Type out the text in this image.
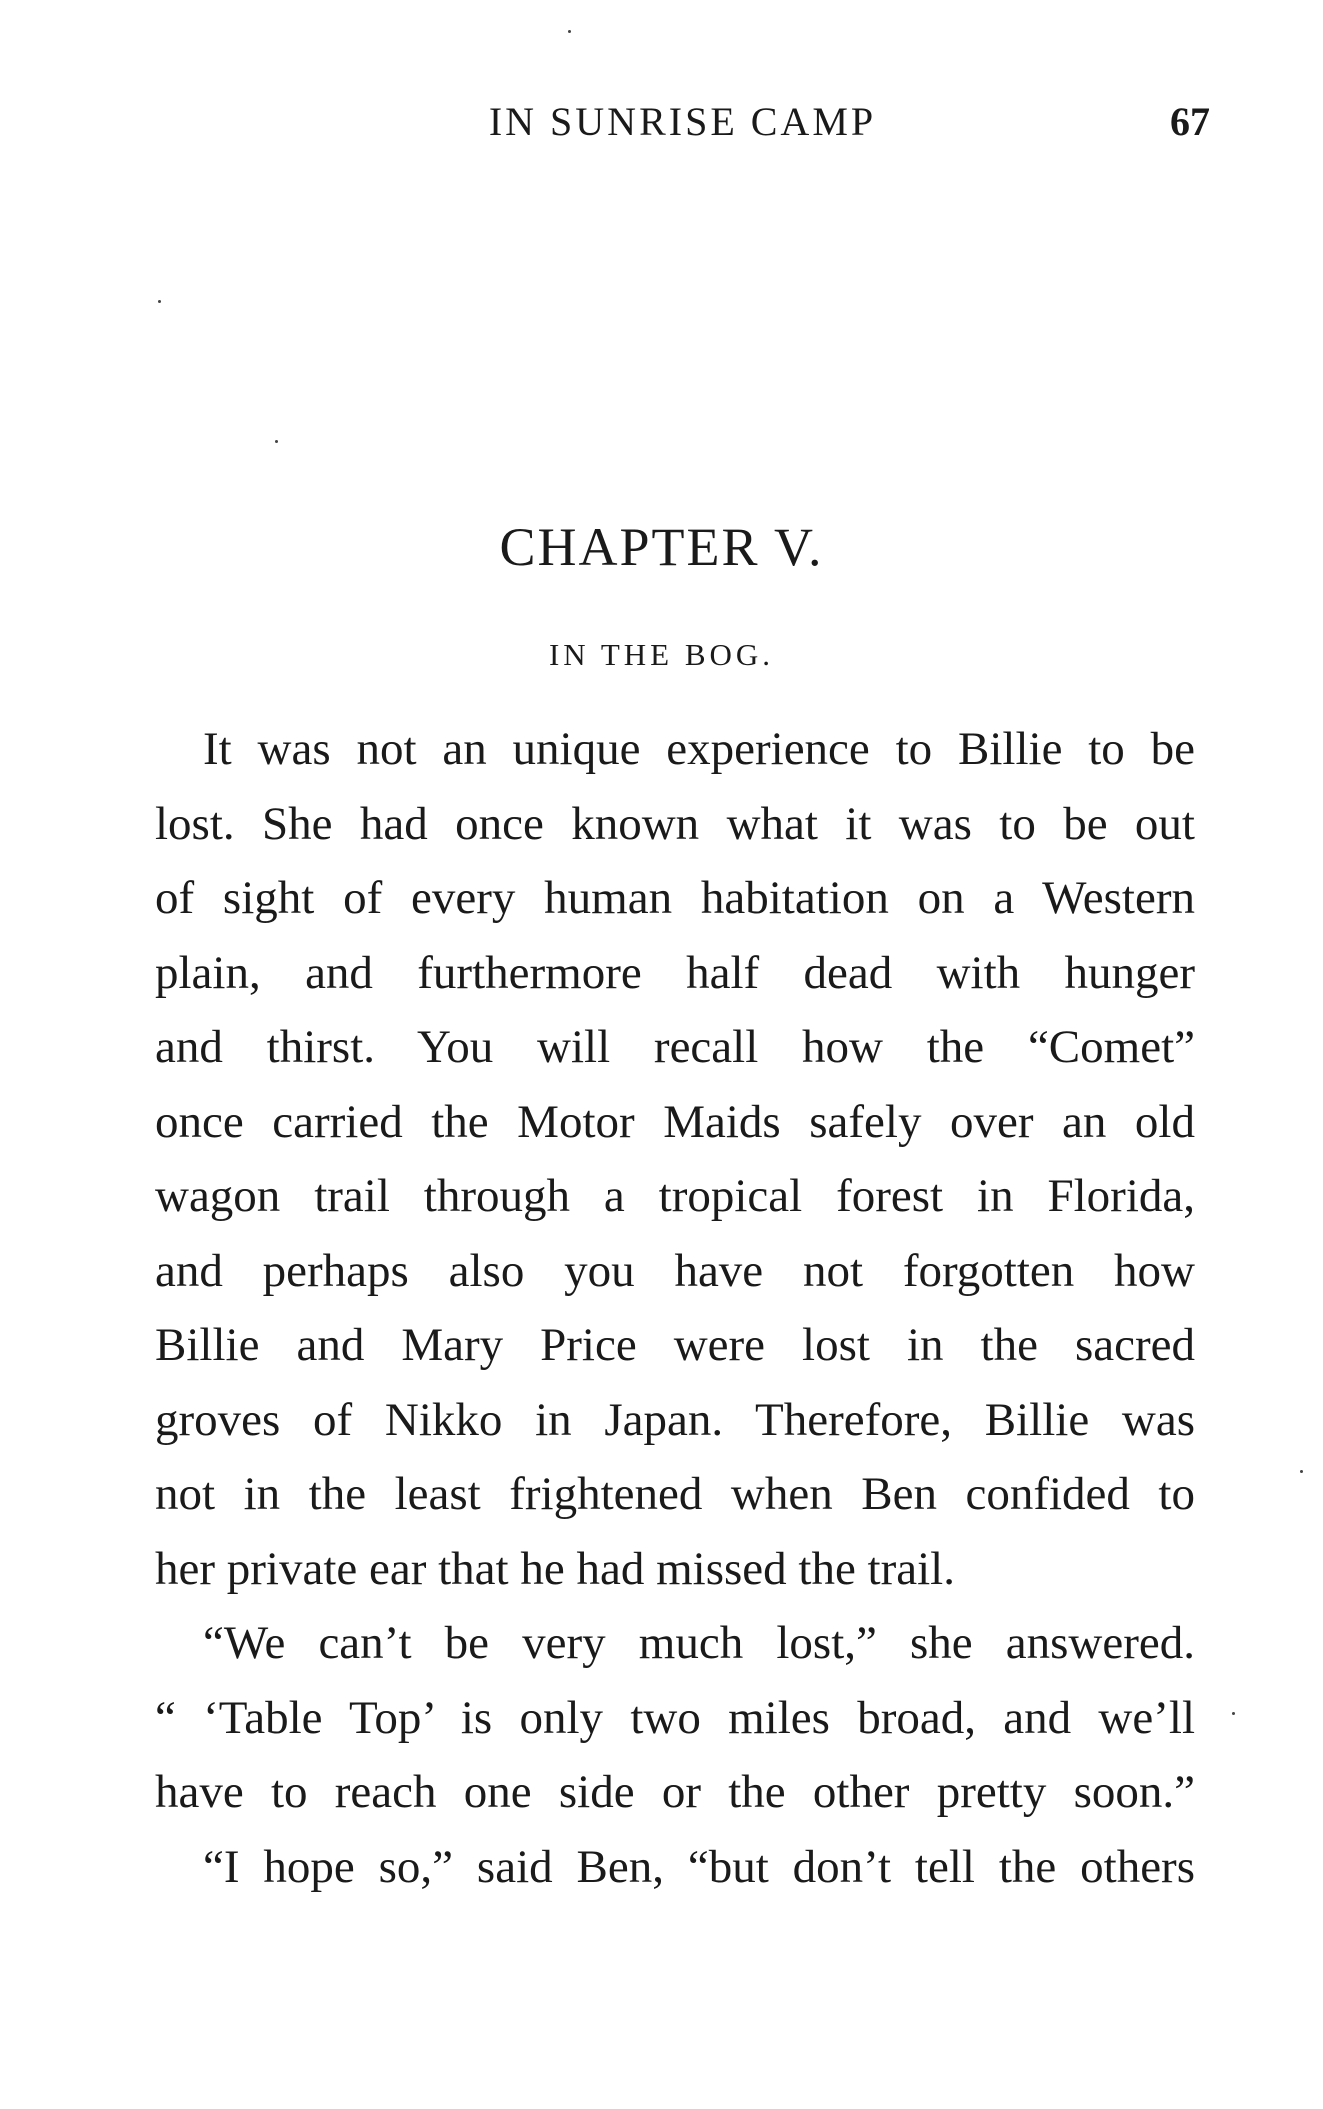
IN SUNRISE CAMP	67
CHAPTER V.
IN THE BOG.
It was not an unique experience to Billie to be
lost. She had once known what it was to be out
of sight of every human habitation on a Western
plain, and furthermore half dead with hunger
and thirst. You will recall how the “Comet”
once carried the Motor Maids safely over an old
wagon trail through a tropical forest in Florida,
and perhaps also you have not forgotten how
Billie and Mary Price were lost in the sacred
groves of Nikko in Japan. Therefore, Billie was
not in the least frightened when Ben confided to
her private ear that he had missed the trail.
“We can’t be very much lost,” she answered.
“ ‘Table Top’ is only two miles broad, and we’ll
have to reach one side or the other pretty soon.”
“I hope so,” said Ben, “but don’t tell the others
